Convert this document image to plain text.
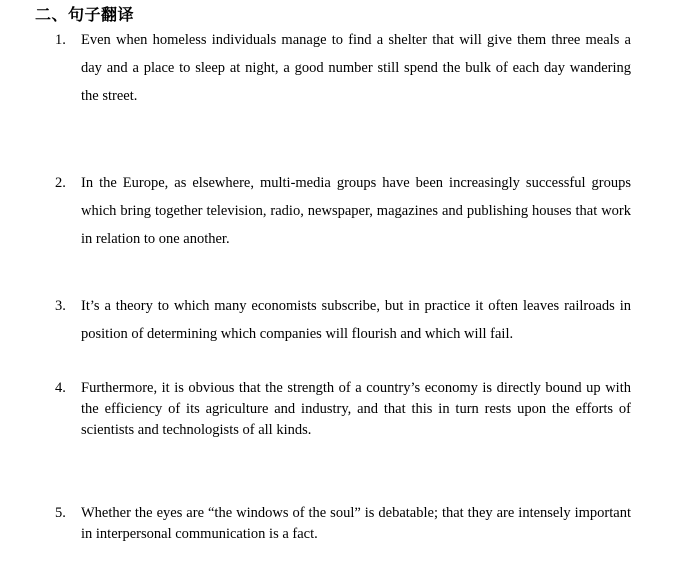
二、句子翻译
1.	Even when homeless individuals manage to find a shelter that will give them three meals a day and a place to sleep at night, a good number still spend the bulk of each day wandering the street.

2.	In the Europe, as elsewhere, multi-media groups have been increasingly successful groups which bring together television, radio, newspaper, magazines and publishing houses that work in relation to one another.

3.	It’s a theory to which many economists subscribe, but in practice it often leaves railroads in position of determining which companies will flourish and which will fail.

4.	Furthermore, it is obvious that the strength of a country’s economy is directly bound up with the efficiency of its agriculture and industry, and that this in turn rests upon the efforts of scientists and technologists of all kinds.

5.	Whether the eyes are “the windows of the soul” is debatable; that they are intensely important in interpersonal communication is a fact.
